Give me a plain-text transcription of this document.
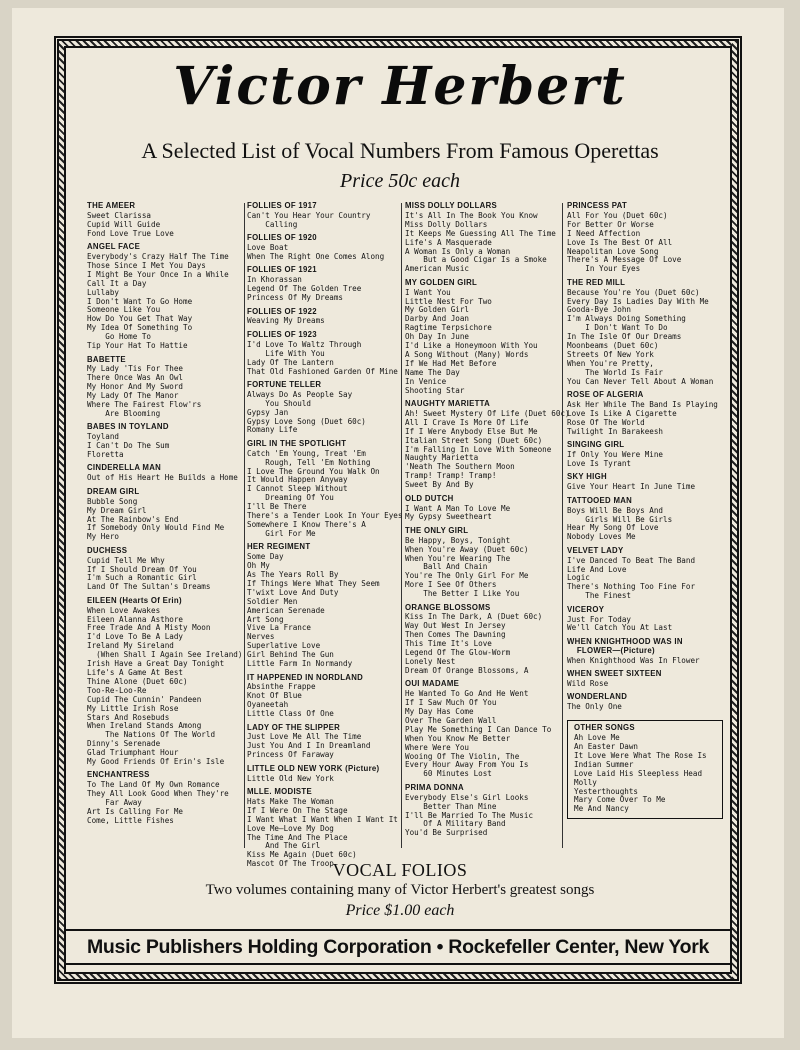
Victor Herbert
A Selected List of Vocal Numbers From Famous Operettas
Price 50c each
THE AMEER
Sweet Clarissa
Cupid Will Guide
Fond Love True Love
ANGEL FACE
Everybody's Crazy Half The Time
Those Since I Met You Days
I Might Be Your Once In a While
Call It a Day
Lullaby
I Don't Want To Go Home
Someone Like You
How Do You Get That Way
My Idea Of Something To
Go Home To
Tip Your Hat To Hattie
BABETTE
My Lady 'Tis For Thee
There Once Was An Owl
My Honor And My Sword
My Lady Of The Manor
Where The Fairest Flow'rs
Are Blooming
BABES IN TOYLAND
Toyland
I Can't Do The Sum
Floretta
CINDERELLA MAN
Out of His Heart He Builds a Home
DREAM GIRL
Bubble Song
My Dream Girl
At The Rainbow's End
If Somebody Only Would Find Me
My Hero
DUCHESS
Cupid Tell Me Why
If I Should Dream Of You
I'm Such a Romantic Girl
Land Of The Sultan's Dreams
EILEEN (Hearts Of Erin)
When Love Awakes
Eileen Alanna Asthore
Free Trade And A Misty Moon
I'd Love To Be A Lady
Ireland My Sireland
(When Shall I Again See Ireland)
Irish Have a Great Day Tonight
Life's A Game At Best
Thine Alone (Duet 60c)
Too-Re-Loo-Re
Cupid The Cunnin' Pandeen
My Little Irish Rose
Stars And Rosebuds
When Ireland Stands Among
The Nations Of The World
Dinny's Serenade
Glad Triumphant Hour
My Good Friends Of Erin's Isle
ENCHANTRESS
To The Land Of My Own Romance
They All Look Good When They're
Far Away
Art Is Calling For Me
Come, Little Fishes
FOLLIES OF 1917
Can't You Hear Your Country
Calling
FOLLIES OF 1920
Love Boat
When The Right One Comes Along
FOLLIES OF 1921
In Khorassan
Legend Of The Golden Tree
Princess Of My Dreams
FOLLIES OF 1922
Weaving My Dreams
FOLLIES OF 1923
I'd Love To Waltz Through
Life With You
Lady Of The Lantern
That Old Fashioned Garden Of Mine
FORTUNE TELLER
Always Do As People Say
You Should
Gypsy Jan
Gypsy Love Song (Duet 60c)
Romany Life
GIRL IN THE SPOTLIGHT
Catch 'Em Young, Treat 'Em
Rough, Tell 'Em Nothing
I Love The Ground You Walk On
It Would Happen Anyway
I Cannot Sleep Without
Dreaming Of You
I'll Be There
There's a Tender Look In Your Eyes
Somewhere I Know There's A
Girl For Me
HER REGIMENT
Some Day
Oh My
As The Years Roll By
If Things Were What They Seem
T'wixt Love And Duty
Soldier Men
American Serenade
Art Song
Vive La France
Nerves
Superlative Love
Girl Behind The Gun
Little Farm In Normandy
IT HAPPENED IN NORDLAND
Absinthe Frappe
Knot Of Blue
Oyaneetah
Little Class Of One
LADY OF THE SLIPPER
Just Love Me All The Time
Just You And I In Dreamland
Princess Of Faraway
LITTLE OLD NEW YORK (Picture)
Little Old New York
MLLE. MODISTE
Hats Make The Woman
If I Were On The Stage
I Want What I Want When I Want It
Love Me—Love My Dog
The Time And The Place
And The Girl
Kiss Me Again (Duet 60c)
Mascot Of The Troop
MISS DOLLY DOLLARS
It's All In The Book You Know
Miss Dolly Dollars
It Keeps Me Guessing All The Time
Life's A Masquerade
A Woman Is Only a Woman
But a Good Cigar Is a Smoke
American Music
MY GOLDEN GIRL
I Want You
Little Nest For Two
My Golden Girl
Darby And Joan
Ragtime Terpsichore
Oh Day In June
I'd Like a Honeymoon With You
A Song Without (Many) Words
If We Had Met Before
Name The Day
In Venice
Shooting Star
NAUGHTY MARIETTA
Ah! Sweet Mystery Of Life (Duet 60c)
All I Crave Is More Of Life
If I Were Anybody Else But Me
Italian Street Song (Duet 60c)
I'm Falling In Love With Someone
Naughty Marietta
'Neath The Southern Moon
Tramp! Tramp! Tramp!
Sweet By And By
OLD DUTCH
I Want A Man To Love Me
My Gypsy Sweetheart
THE ONLY GIRL
Be Happy, Boys, Tonight
When You're Away (Duet 60c)
When You're Wearing The
Ball And Chain
You're The Only Girl For Me
More I See Of Others
The Better I Like You
ORANGE BLOSSOMS
Kiss In The Dark, A (Duet 60c)
Way Out West In Jersey
Then Comes The Dawning
This Time It's Love
Legend Of The Glow-Worm
Lonely Nest
Dream Of Orange Blossoms, A
OUI MADAME
He Wanted To Go And He Went
If I Saw Much Of You
My Day Has Come
Over The Garden Wall
Play Me Something I Can Dance To
When You Know Me Better
Where Were You
Wooing Of The Violin, The
Every Hour Away From You Is
60 Minutes Lost
PRIMA DONNA
Everybody Else's Girl Looks
Better Than Mine
I'll Be Married To The Music
Of A Military Band
You'd Be Surprised
PRINCESS PAT
All For You (Duet 60c)
For Better Or Worse
I Need Affection
Love Is The Best Of All
Neapolitan Love Song
There's A Message Of Love
In Your Eyes
THE RED MILL
Because You're You (Duet 60c)
Every Day Is Ladies Day With Me
Gooda-Bye John
I'm Always Doing Something
I Don't Want To Do
In The Isle Of Our Dreams
Moonbeams (Duet 60c)
Streets Of New York
When You're Pretty,
The World Is Fair
You Can Never Tell About A Woman
ROSE OF ALGERIA
Ask Her While The Band Is Playing
Love Is Like A Cigarette
Rose Of The World
Twilight In Barakeesh
SINGING GIRL
If Only You Were Mine
Love Is Tyrant
SKY HIGH
Give Your Heart In June Time
TATTOOED MAN
Boys Will Be Boys And
Girls Will Be Girls
Hear My Song Of Love
Nobody Loves Me
VELVET LADY
I've Danced To Beat The Band
Life And Love
Logic
There's Nothing Too Fine For
The Finest
VICEROY
Just For Today
We'll Catch You At Last
WHEN KNIGHTHOOD WAS IN
FLOWER—(Picture)
When Knighthood Was In Flower
WHEN SWEET SIXTEEN
Wild Rose
WONDERLAND
The Only One
OTHER SONGS
Ah Love Me
An Easter Dawn
It Love Were What The Rose Is
Indian Summer
Love Laid His Sleepless Head
Molly
Yesterthoughts
Mary Come Over To Me
Me And Nancy
VOCAL FOLIOS
Two volumes containing many of Victor Herbert's greatest songs
Price $1.00 each
Music Publishers Holding Corporation • Rockefeller Center, New York
